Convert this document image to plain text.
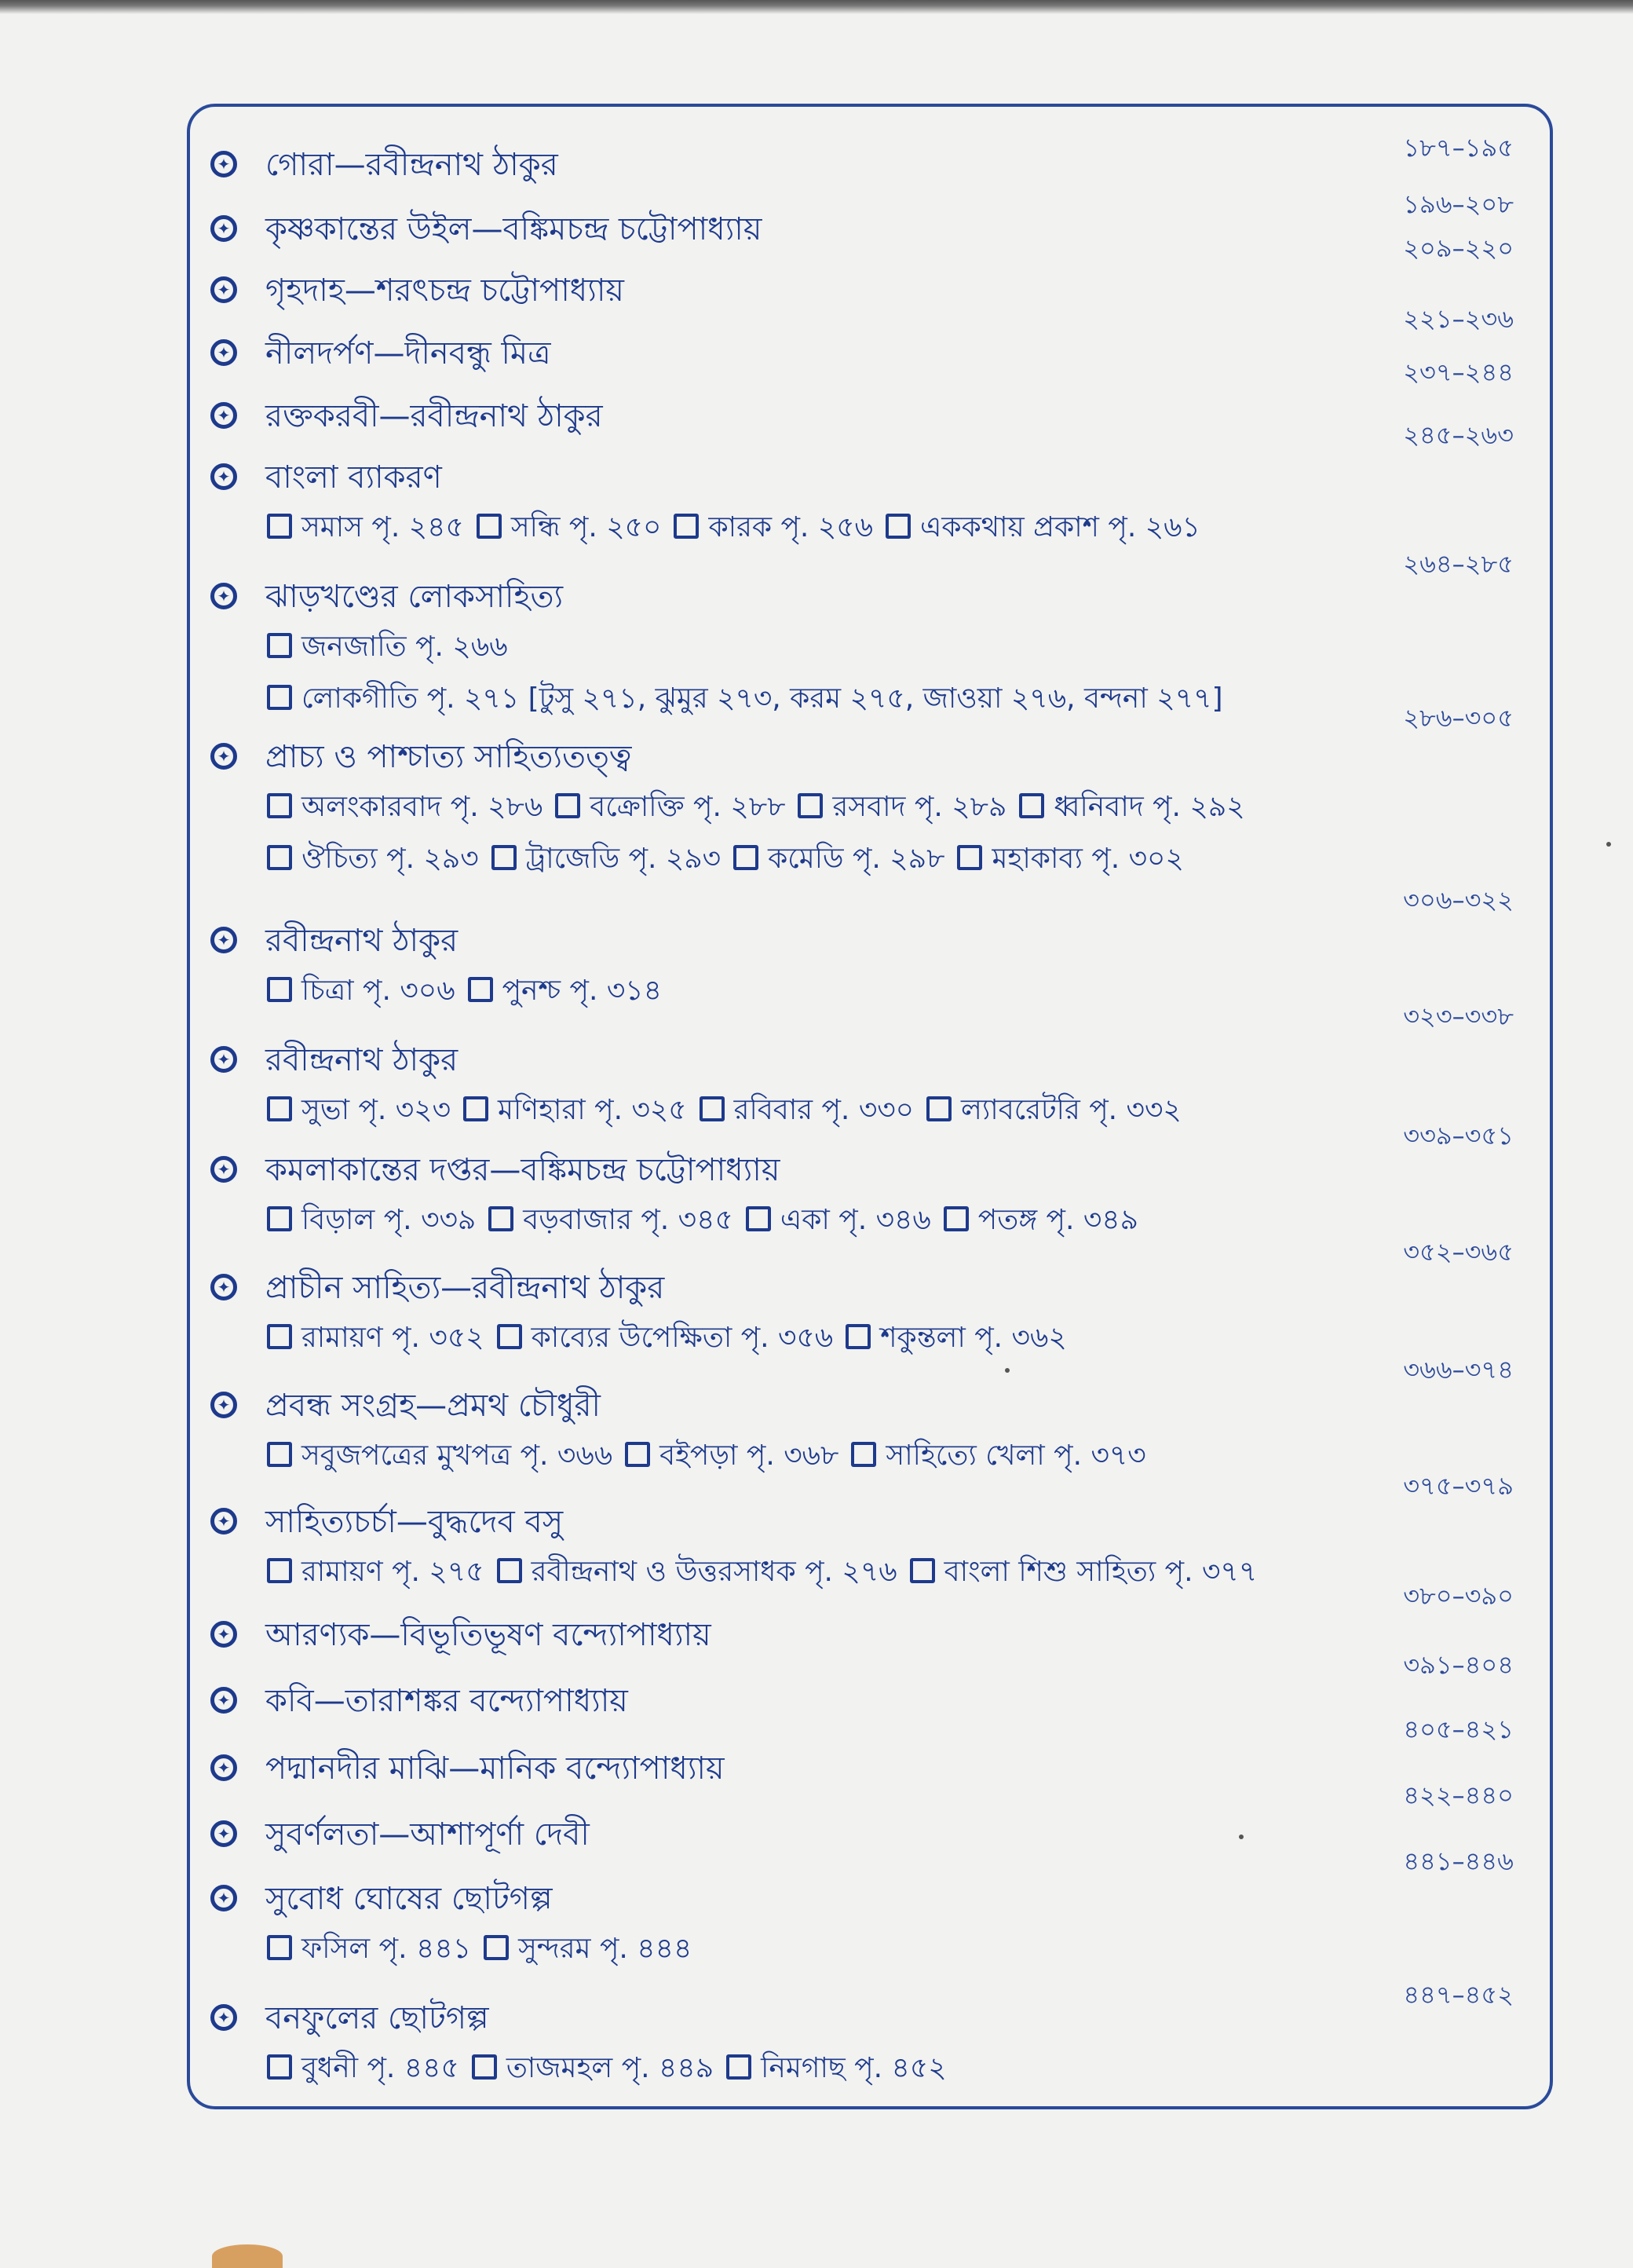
✦ গোরা—রবীন্দ্রনাথ ঠাকুর	১৮৭–১৯৫
✦ কৃষ্ণকান্তের উইল—বঙ্কিমচন্দ্র চট্টোপাধ্যায়
১৯৬–২০৮
✦ গৃহদাহ—শরৎচন্দ্র চট্টোপাধ্যায়
২০৯–২২০
✦ নীলদর্পণ—দীনবন্ধু মিত্র
২২১–২৩৬
✦ রক্তকরবী—রবীন্দ্রনাথ ঠাকুর
২৩৭–২৪৪
✦ বাংলা ব্যাকরণ
২৪৫–২৬৩
সমাস পৃ. ২৪৫ সন্ধি পৃ. ২৫০ কারক পৃ. ২৫৬ এককথায় প্রকাশ পৃ. ২৬১
✦ ঝাড়খণ্ডের লোকসাহিত্য
২৬৪–২৮৫
জনজাতি পৃ. ২৬৬
লোকগীতি পৃ. ২৭১ [টুসু ২৭১, ঝুমুর ২৭৩, করম ২৭৫, জাওয়া ২৭৬, বন্দনা ২৭৭]
✦ প্রাচ্য ও পাশ্চাত্য সাহিত্যতত্ত্ব
২৮৬–৩০৫
অলংকারবাদ পৃ. ২৮৬ বক্রোক্তি পৃ. ২৮৮ রসবাদ পৃ. ২৮৯ ধ্বনিবাদ পৃ. ২৯২
ঔচিত্য পৃ. ২৯৩ ট্রাজেডি পৃ. ২৯৩ কমেডি পৃ. ২৯৮ মহাকাব্য পৃ. ৩০২
✦ রবীন্দ্রনাথ ঠাকুর
৩০৬–৩২২
চিত্রা পৃ. ৩০৬ পুনশ্চ পৃ. ৩১৪
✦ রবীন্দ্রনাথ ঠাকুর
৩২৩–৩৩৮
সুভা পৃ. ৩২৩ মণিহারা পৃ. ৩২৫ রবিবার পৃ. ৩৩০ ল্যাবরেটরি পৃ. ৩৩২
✦ কমলাকান্তের দপ্তর—বঙ্কিমচন্দ্র চট্টোপাধ্যায়
৩৩৯–৩৫১
বিড়াল পৃ. ৩৩৯ বড়বাজার পৃ. ৩৪৫ একা পৃ. ৩৪৬ পতঙ্গ পৃ. ৩৪৯
✦ প্রাচীন সাহিত্য—রবীন্দ্রনাথ ঠাকুর
৩৫২–৩৬৫
রামায়ণ পৃ. ৩৫২ কাব্যের উপেক্ষিতা পৃ. ৩৫৬ শকুন্তলা পৃ. ৩৬২
✦ প্রবন্ধ সংগ্রহ—প্রমথ চৌধুরী
৩৬৬–৩৭৪
সবুজপত্রের মুখপত্র পৃ. ৩৬৬ বইপড়া পৃ. ৩৬৮ সাহিত্যে খেলা পৃ. ৩৭৩
✦ সাহিত্যচর্চা—বুদ্ধদেব বসু
৩৭৫–৩৭৯
রামায়ণ পৃ. ২৭৫ রবীন্দ্রনাথ ও উত্তরসাধক পৃ. ২৭৬ বাংলা শিশু সাহিত্য পৃ. ৩৭৭
✦ আরণ্যক—বিভূতিভূষণ বন্দ্যোপাধ্যায়
৩৮০–৩৯০
✦ কবি—তারাশঙ্কর বন্দ্যোপাধ্যায়
৩৯১–৪০৪
✦ পদ্মানদীর মাঝি—মানিক বন্দ্যোপাধ্যায়
৪০৫–৪২১
✦ সুবর্ণলতা—আশাপূর্ণা দেবী
৪২২–৪৪০
✦ সুবোধ ঘোষের ছোটগল্প
৪৪১–৪৪৬
ফসিল পৃ. ৪৪১ সুন্দরম পৃ. ৪৪৪
✦ বনফুলের ছোটগল্প
৪৪৭–৪৫২
বুধনী পৃ. ৪৪৫ তাজমহল পৃ. ৪৪৯ নিমগাছ পৃ. ৪৫২
